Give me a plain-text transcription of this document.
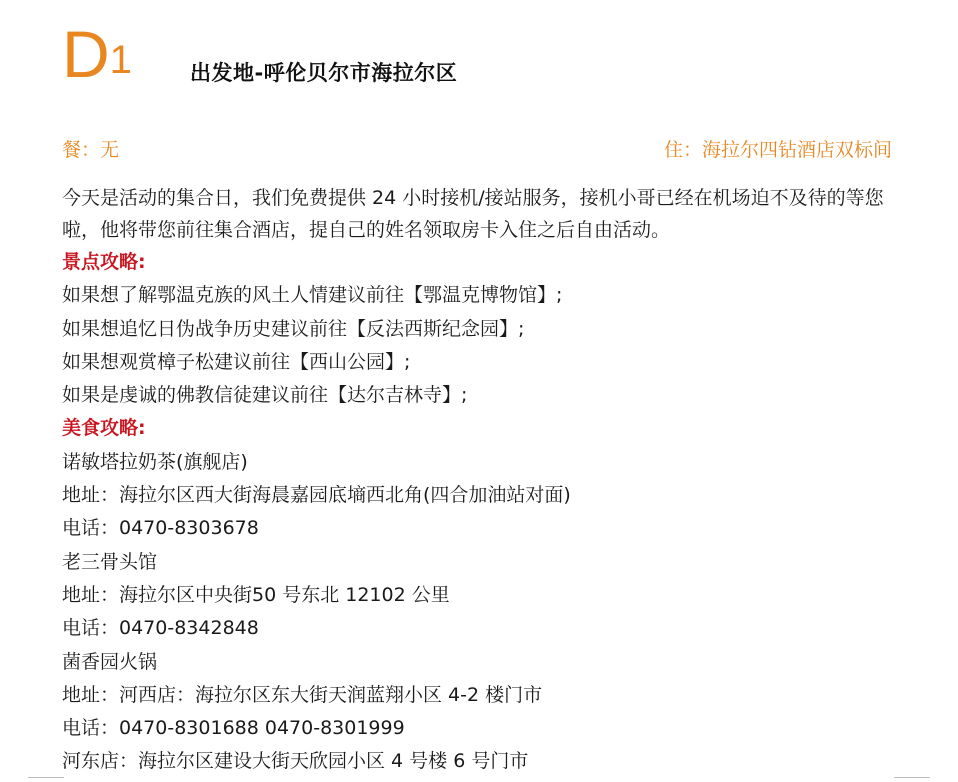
D1	出发地-呼伦贝尔市海拉尔区
餐：无	住：海拉尔四钻酒店双标间

今天是活动的集合日，我们免费提供 24 小时接机/接站服务，接机小哥已经在机场迫不及待的等您啦，他将带您前往集合酒店，提自己的姓名领取房卡入住之后自由活动。

景点攻略:
如果想了解鄂温克族的风土人情建议前往【鄂温克博物馆】;
如果想追忆日伪战争历史建议前往【反法西斯纪念园】;
如果想观赏樟子松建议前往【西山公园】;
如果是虔诚的佛教信徒建议前往【达尔吉林寺】;
美食攻略:
诺敏塔拉奶茶(旗舰店)
地址：海拉尔区西大街海晨嘉园底墒西北角(四合加油站对面)
电话：0470-8303678
老三骨头馆
地址：海拉尔区中央街50 号东北 12102 公里
电话：0470-8342848
菌香园火锅
地址：河西店：海拉尔区东大街天润蓝翔小区 4-2 楼门市
电话：0470-8301688 0470-8301999
河东店：海拉尔区建设大街天欣园小区 4 号楼 6 号门市
